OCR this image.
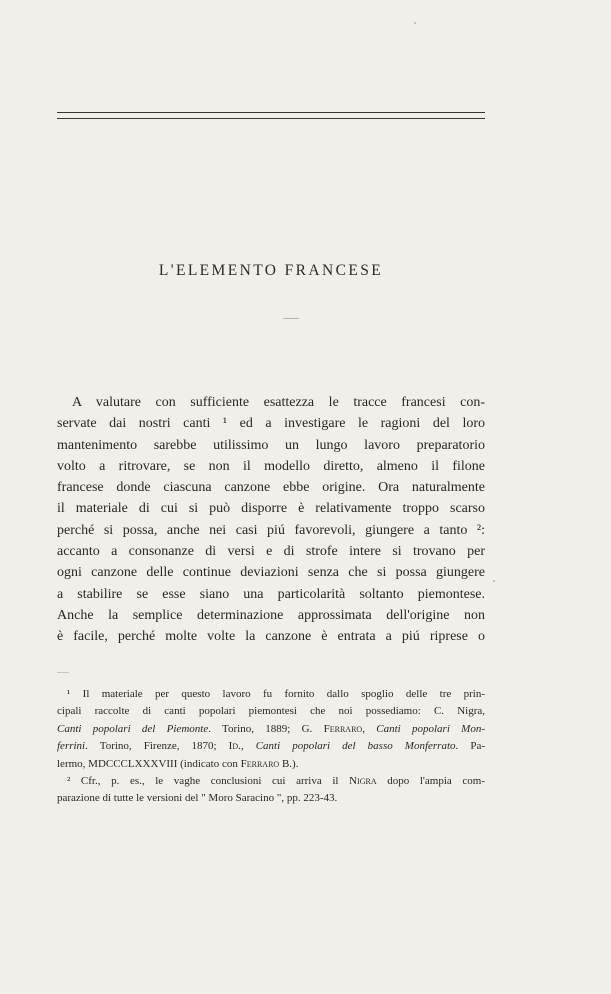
L'ELEMENTO FRANCESE
A valutare con sufficiente esattezza le tracce francesi con-
servate dai nostri canti ¹ ed a investigare le ragioni del loro
mantenimento sarebbe utilissimo un lungo lavoro preparatorio
volto a ritrovare, se non il modello diretto, almeno il filone
francese donde ciascuna canzone ebbe origine. Ora naturalmente
il materiale di cui si può disporre è relativamente troppo scarso
perché si possa, anche nei casi piú favorevoli, giungere a tanto ²:
accanto a consonanze di versi e di strofe intere si trovano per
ogni canzone delle continue deviazioni senza che si possa giungere
a stabilire se esse siano una particolarità soltanto piemontese.
Anche la semplice determinazione approssimata dell'origine non
è facile, perché molte volte la canzone è entrata a piú riprese o
¹ Il materiale per questo lavoro fu fornito dallo spoglio delle tre prin-
cipali raccolte di canti popolari piemontesi che noi possediamo: C. Nigra,
Canti popolari del Piemonte. Torino, 1889; G. Ferraro, Canti popolari Mon-
ferrini. Torino, Firenze, 1870; Id., Canti popolari del basso Monferrato. Pa-
lermo, MDCCCLXXXVIII (indicato con Ferraro B.).
² Cfr., p. es., le vaghe conclusioni cui arriva il Nigra dopo l'ampia com-
parazione di tutte le versioni del " Moro Saracino ", pp. 223-43.
